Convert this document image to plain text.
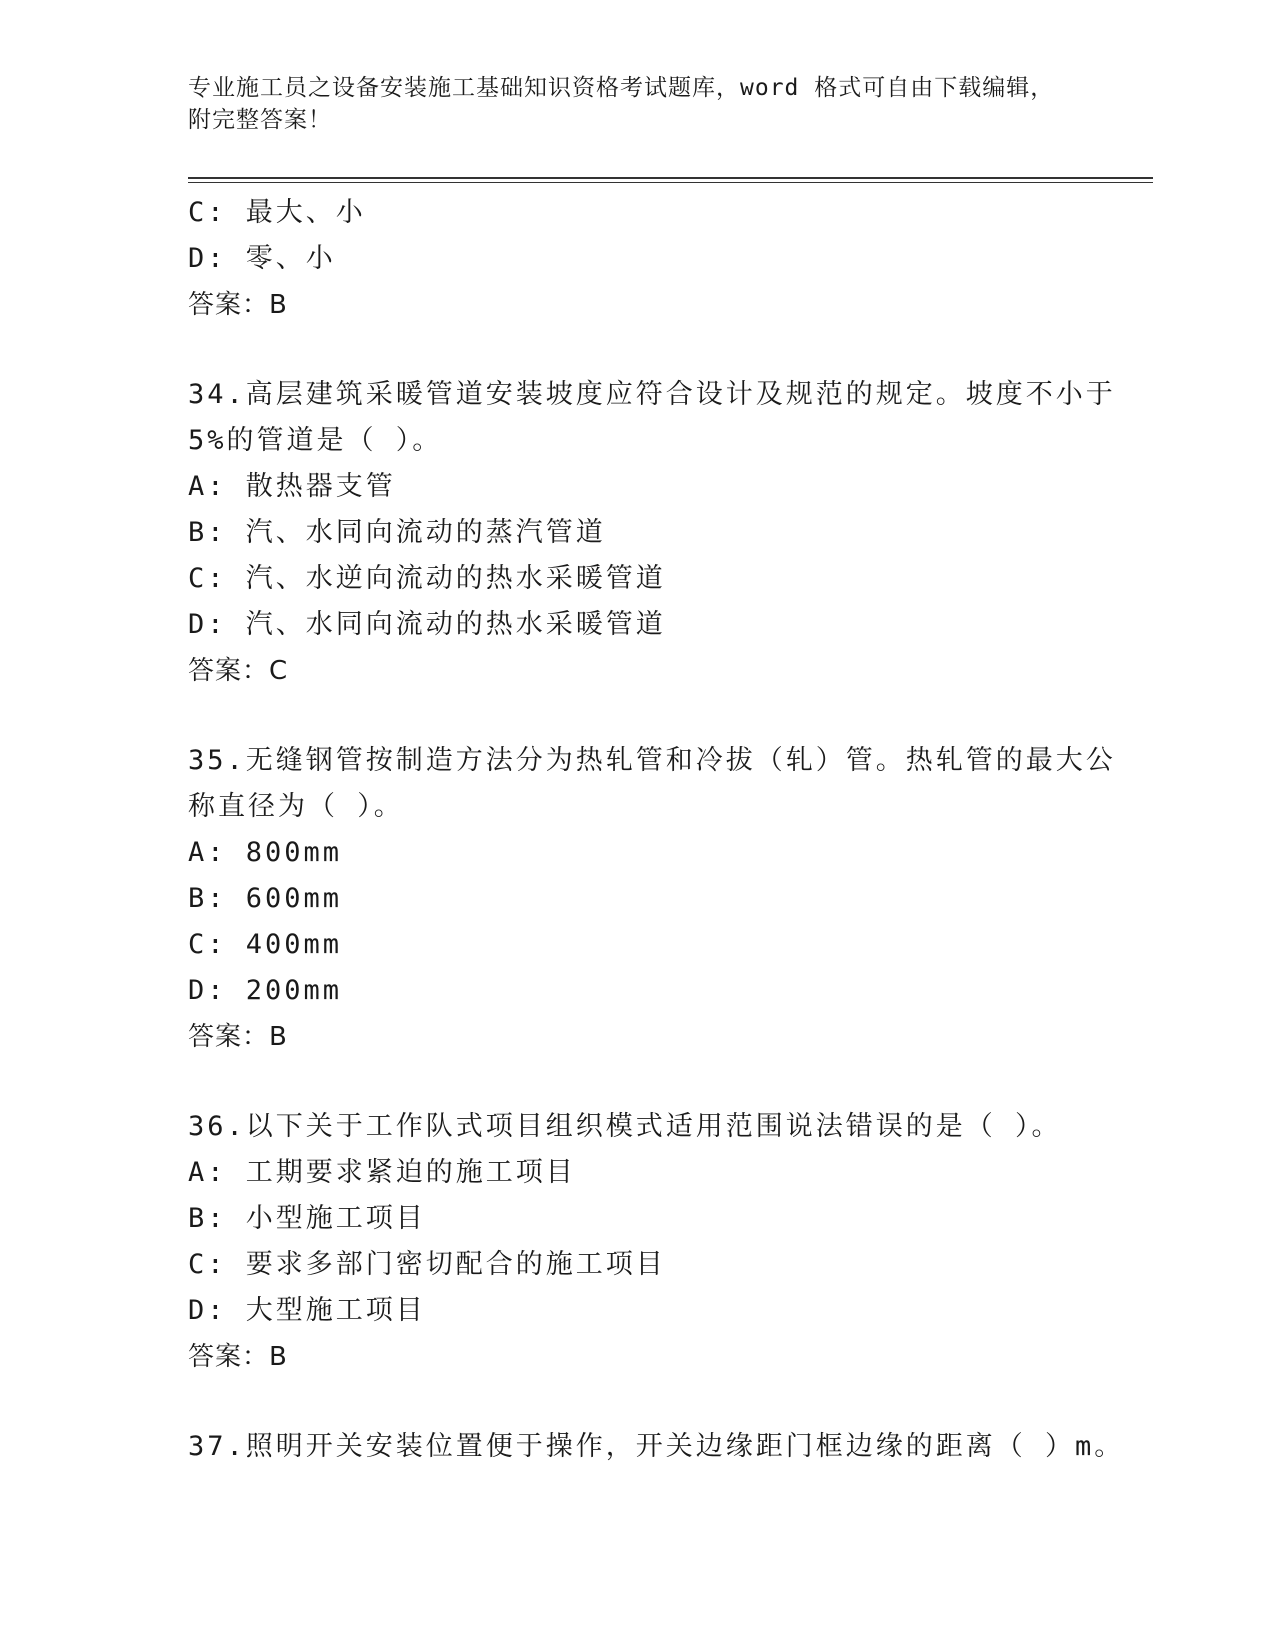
专业施工员之设备安装施工基础知识资格考试题库，word 格式可自由下载编辑，
附完整答案！
C: 最大、小
D: 零、小
答案：B
34.高层建筑采暖管道安装坡度应符合设计及规范的规定。坡度不小于
5%的管道是（ ）。
A: 散热器支管
B: 汽、水同向流动的蒸汽管道
C: 汽、水逆向流动的热水采暖管道
D: 汽、水同向流动的热水采暖管道
答案：C
35.无缝钢管按制造方法分为热轧管和冷拔（轧）管。热轧管的最大公
称直径为（ ）。
A: 800mm
B: 600mm
C: 400mm
D: 200mm
答案：B
36.以下关于工作队式项目组织模式适用范围说法错误的是（ ）。
A: 工期要求紧迫的施工项目
B: 小型施工项目
C: 要求多部门密切配合的施工项目
D: 大型施工项目
答案：B
37.照明开关安装位置便于操作，开关边缘距门框边缘的距离（ ）m。
